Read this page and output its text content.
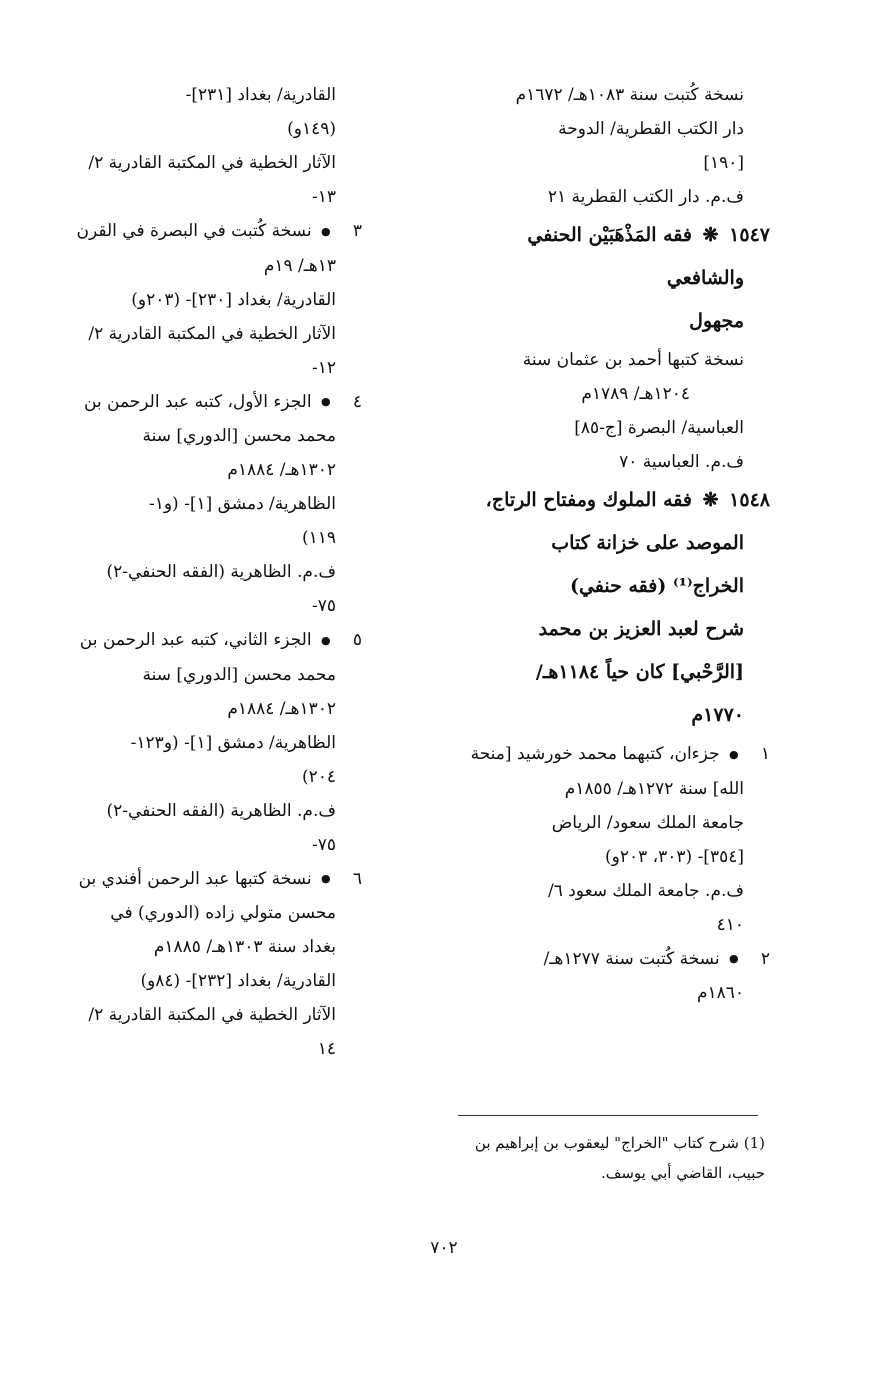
نسخة كُتبت سنة ١٠٨٣هـ/ ١٦٧٢م
دار الكتب القطرية/ الدوحة
[١٩٠]
ف.م. دار الكتب القطرية ٢١
١٥٤٧ ❋ فقه المَذْهَبَيْن الحنفي
والشافعي
مجهول
نسخة كتبها أحمد بن عثمان سنة
١٢٠٤هـ/ ١٧٨٩م
العباسية/ البصرة [ج-٨٥]
ف.م. العباسية ٧٠
١٥٤٨ ❋ فقه الملوك ومفتاح الرتاج،
الموصد على خزانة كتاب
الخراج⁽¹⁾ (فقه حنفي)
شرح لعبد العزيز بن محمد
[الرَّحْبي] كان حياً ١١٨٤هـ/
١٧٧٠م
١ ● جزءان، كتبهما محمد خورشيد [منحة
الله] سنة ١٢٧٢هـ/ ١٨٥٥م
جامعة الملك سعود/ الرياض
[٣٥٤]- (٣٠٣، ٢٠٣و)
ف.م. جامعة الملك سعود ٦/
٤١٠
٢ ● نسخة كُتبت سنة ١٢٧٧هـ/
١٨٦٠م
القادرية/ بغداد [٢٣١]-
(١٤٩و)
الآثار الخطية في المكتبة القادرية ٢/
١٣-
٣ ● نسخة كُتبت في البصرة في القرن
١٣هـ/ ١٩م
القادرية/ بغداد [٢٣٠]- (٢٠٣و)
الآثار الخطية في المكتبة القادرية ٢/
١٢-
٤ ● الجزء الأول، كتبه عبد الرحمن بن
محمد محسن [الدوري] سنة
١٣٠٢هـ/ ١٨٨٤م
الظاهرية/ دمشق [١]- (و١-
١١٩)
ف.م. الظاهرية (الفقه الحنفي-٢)
٧٥-
٥ ● الجزء الثاني، كتبه عبد الرحمن بن
محمد محسن [الدوري] سنة
١٣٠٢هـ/ ١٨٨٤م
الظاهرية/ دمشق [١]- (و١٢٣-
٢٠٤)
ف.م. الظاهرية (الفقه الحنفي-٢)
٧٥-
٦ ● نسخة كتبها عبد الرحمن أفندي بن
محسن متولي زاده (الدوري) في
بغداد سنة ١٣٠٣هـ/ ١٨٨٥م
القادرية/ بغداد [٢٣٢]- (٨٤و)
الآثار الخطية في المكتبة القادرية ٢/
١٤
(1) شرح كتاب "الخراج" ليعقوب بن إبراهيم بن
حبيب، القاضي أبي يوسف.
٧٠٢
